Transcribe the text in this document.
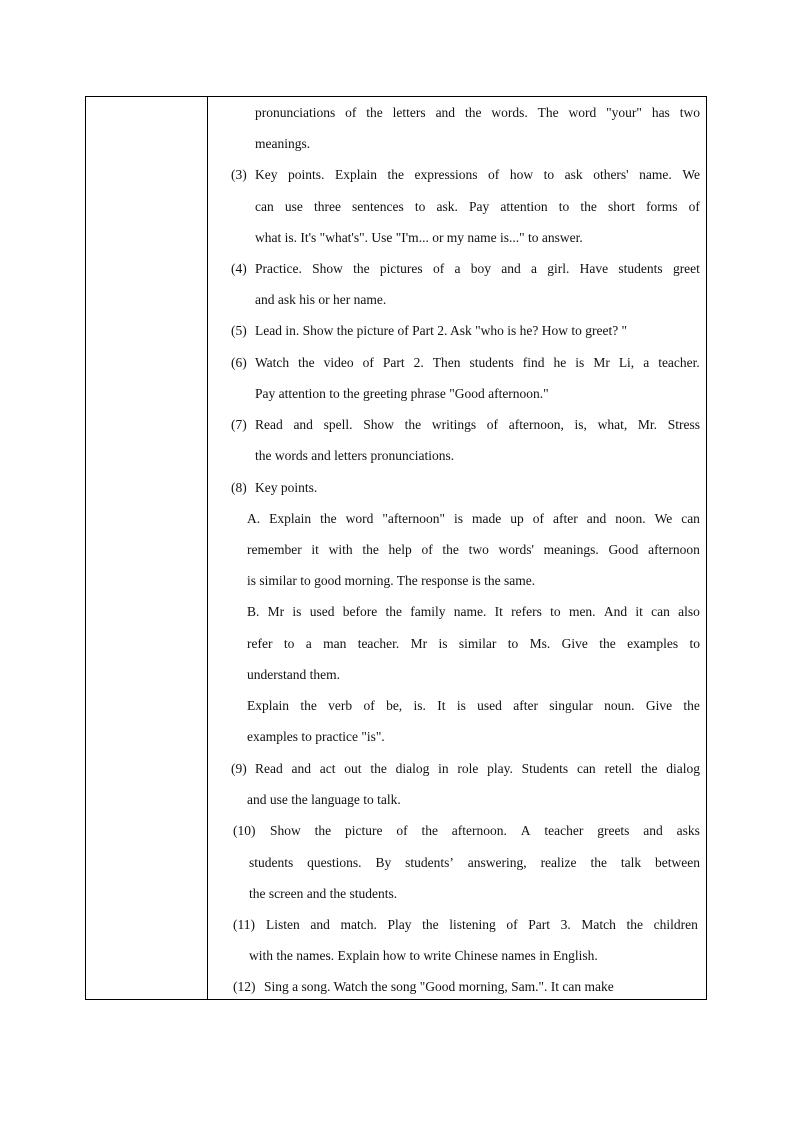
pronunciations of the letters and the words. The word "your" has two
meanings.
(3) Key points. Explain the expressions of how to ask others' name. We
can use three sentences to ask. Pay attention to the short forms of
what is. It's "what's". Use "I'm... or my name is..." to answer.
(4) Practice. Show the pictures of a boy and a girl. Have students greet
and ask his or her name.
(5) Lead in. Show the picture of Part 2. Ask "who is he? How to greet? "
(6) Watch the video of Part 2. Then students find he is Mr Li, a teacher.
Pay attention to the greeting phrase "Good afternoon."
(7) Read and spell. Show the writings of afternoon, is, what, Mr. Stress
the words and letters pronunciations.
(8) Key points.
A. Explain the word "afternoon" is made up of after and noon. We can
remember it with the help of the two words' meanings. Good afternoon
is similar to good morning. The response is the same.
B. Mr is used before the family name. It refers to men. And it can also
refer to a man teacher. Mr is similar to Ms. Give the examples to
understand them.
Explain the verb of be, is. It is used after singular noun. Give the
examples to practice "is".
(9) Read and act out the dialog in role play. Students can retell the dialog
and use the language to talk.
(10) Show the picture of the afternoon. A teacher greets and asks
students questions. By students’ answering, realize the talk between
the screen and the students.
(11) Listen and match. Play the listening of Part 3. Match the children
with the names. Explain how to write Chinese names in English.
(12) Sing a song. Watch the song "Good morning, Sam.". It can make
